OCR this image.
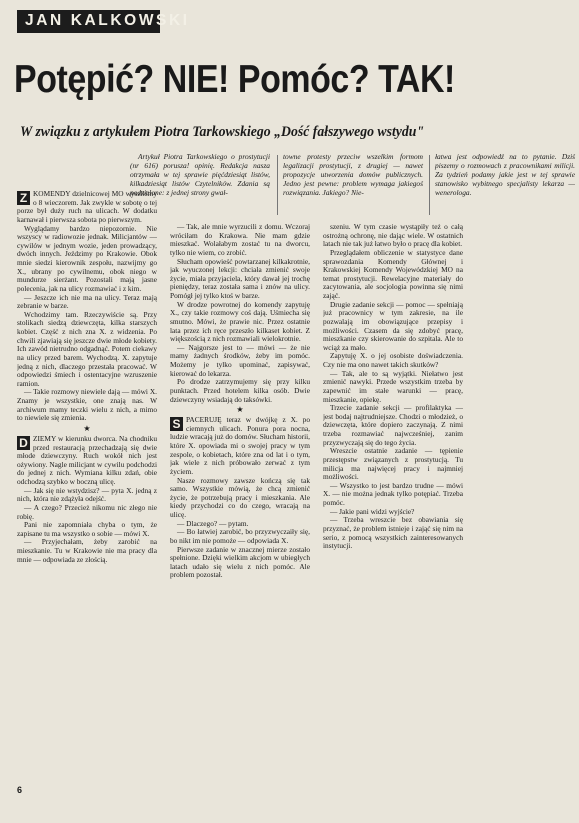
JAN KALKOWSKI
Potępić? NIE! Pomóc? TAK!
W związku z artykułem Piotra Tarkowskiego „Dość fałszywego wstydu"
Artykuł Piotra Tarkowskiego o prostytucji (nr 616) porusza! opinię. Redakcja nasza otrzymała w tej sprawie pięćdziesiąt listów, kilkadziesiąt listów Czytelników. Zdania są podzielone: z jednej strony gwał-
towne protesty przeciw wszelkim formom legalizacji prostytucji, z drugiej — nawet propozycje utworzenia domów publicznych. Jedno jest pewne: problem wymaga jakiegoś rozwiązania. Jakiego? Nie-
łatwa jest odpowiedź na to pytanie. Dziś piszemy o rozmowach z pracownikami milicji. Za tydzień podamy jakie jest w tej sprawie stanowisko wybitnego specjalisty lekarza — wenerologa.

Z KOMENDY dzielnicowej MO wyszliśmy o 8 wieczorem. Jak zwykle w sobotę o tej porze był duży ruch na ulicach. W dodatku karnawał i pierwsza sobota po pierwszym.

Wyglądamy bardzo niepozornie. Nie wszyscy w radiowozie jednak. Milicjantów — cywilów w jednym wozie, jeden prowadzący, dwóch innych. Jeździmy po Krakowie. Obok mnie siedzi kierownik zespołu, nazwijmy go X., ubrany po cywilnemu, obok niego w mundurze sierżant. Pozostali mają jasne polecenia, jak na ulicy rozmawiać i z kim.

— Jeszcze ich nie ma na ulicy. Teraz mają zebranie w barze.

Wchodzimy tam. Rzeczywiście są. Przy stolikach siedzą dziewczęta, kilka starszych kobiet. Część z nich zna X. z widzenia. Po chwili zjawiają się jeszcze dwie młode kobiety. Ich zawód nietrudno odgadnąć. Potem ciekawy na ulicy przed barem. Wychodzą. X. zapytuje jedną z nich, dlaczego przestała pracować. W odpowiedzi śmiech i ostentacyjne wzruszenie ramion.

— Takie rozmowy niewiele dają — mówi X. Znamy je wszystkie, one znają nas. W archiwum mamy teczki wielu z nich, a mimo to niewiele się zmienia.

★

D ZIEMY w kierunku dworca. Na chodniku przed restauracją przechadzają się dwie młode dziewczyny. Ruch wokół nich jest ożywiony. Nagle milicjant w cywilu podchodzi do jednej z nich. Wymiana kilku zdań, obie odchodzą szybko w boczną ulicę.

— Jak się nie wstydzisz? — pyta X. jedną z nich, która nie zdążyła odejść.

— A czego? Przecież nikomu nic złego nie robię.

Pani nie zapomniała chyba o tym, że zapisane tu ma wszystko o sobie — mówi X.

— Przyjechałam, żeby zarobić na mieszkanie. Tu w Krakowie nie ma pracy dla mnie — odpowiada ze złością.

— Tak, ale mnie wyrzucili z domu. Wczoraj wróciłam do Krakowa. Nie mam gdzie mieszkać. Wolałabym zostać tu na dworcu, tylko nie wiem, co zrobić.

Słucham opowieść powtarzanej kilkakrotnie, jak wyuczonej lekcji: chciała zmienić swoje życie, miała przyjaciela, który dawał jej trochę pieniędzy, teraz została sama i znów na ulicy. Pomógł jej tylko ktoś w barze.

W drodze powrotnej do komendy zapytuję X., czy takie rozmowy coś dają. Uśmiecha się smutno. Mówi, że prawie nic. Przez ostatnie lata przez ich ręce przeszło kilkaset kobiet. Z większością z nich rozmawiali wielokrotnie.

— Najgorsze jest to — mówi — że nie mamy żadnych środków, żeby im pomóc. Możemy je tylko upominać, zapisywać, kierować do lekarza.

Po drodze zatrzymujemy się przy kilku punktach. Przed hotelem kilka osób. Dwie dziewczyny wsiadają do taksówki.

★

S PACERUJĘ teraz w dwójkę z X. po ciemnych ulicach. Ponura pora nocna, ludzie wracają już do domów. Słucham historii, które X. opowiada mi o swojej pracy w tym zespole, o kobietach, które zna od lat i o tym, jak wiele z nich próbowało zerwać z tym życiem.

Nasze rozmowy zawsze kończą się tak samo. Wszystkie mówią, że chcą zmienić życie, że potrzebują pracy i mieszkania. Ale kiedy przychodzi co do czego, wracają na ulicę.

— Dlaczego? — pytam.

— Bo łatwiej zarobić, bo przyzwyczaiły się, bo nikt im nie pomoże — odpowiada X.

Pierwsze zadanie w znacznej mierze zostało spełnione. Dzięki wielkim akcjom w ubiegłych latach udało się wielu z nich pomóc. Ale problem pozostał.

szeniu. W tym czasie wystąpiły też o całą ostrożną ochronę, nie dając wiele. W ostatnich latach nie tak już łatwo było o pracę dla kobiet.

Przeglądałem obliczenie w statystyce dane sprawozdania Komendy Głównej i Krakowskiej Komendy Wojewódzkiej MO na temat prostytucji. Rewelacyjne materiały do zacytowania, ale socjologia powinna się nimi zająć.

Drugie zadanie sekcji — pomoc — spełniają już pracownicy w tym zakresie, na ile pozwalają im obowiązujące przepisy i możliwości. Czasem da się zdobyć pracę, mieszkanie czy skierowanie do szpitala. Ale to wciąż za mało.

Zapytuję X. o jej osobiste doświadczenia. Czy nie ma ono nawet takich skutków?

— Tak, ale to są wyjątki. Niełatwo jest zmienić nawyki. Przede wszystkim trzeba by zapewnić im stałe warunki — pracę, mieszkanie, opiekę.

Trzecie zadanie sekcji — profilaktyka — jest bodaj najtrudniejsze. Chodzi o młodzież, o dziewczęta, które dopiero zaczynają. Z nimi trzeba rozmawiać najwcześniej, zanim przyzwyczają się do tego życia.

Wreszcie ostatnie zadanie — tępienie przestępstw związanych z prostytucją. Tu milicja ma najwięcej pracy i najmniej możliwości.

— Wszystko to jest bardzo trudne — mówi X. — nie można jednak tylko potępiać. Trzeba pomóc.

— Jakie pani widzi wyjście?

— Trzeba wreszcie bez obawiania się przyznać, że problem istnieje i zająć się nim na serio, z pomocą wszystkich zainteresowanych instytucji.

6
